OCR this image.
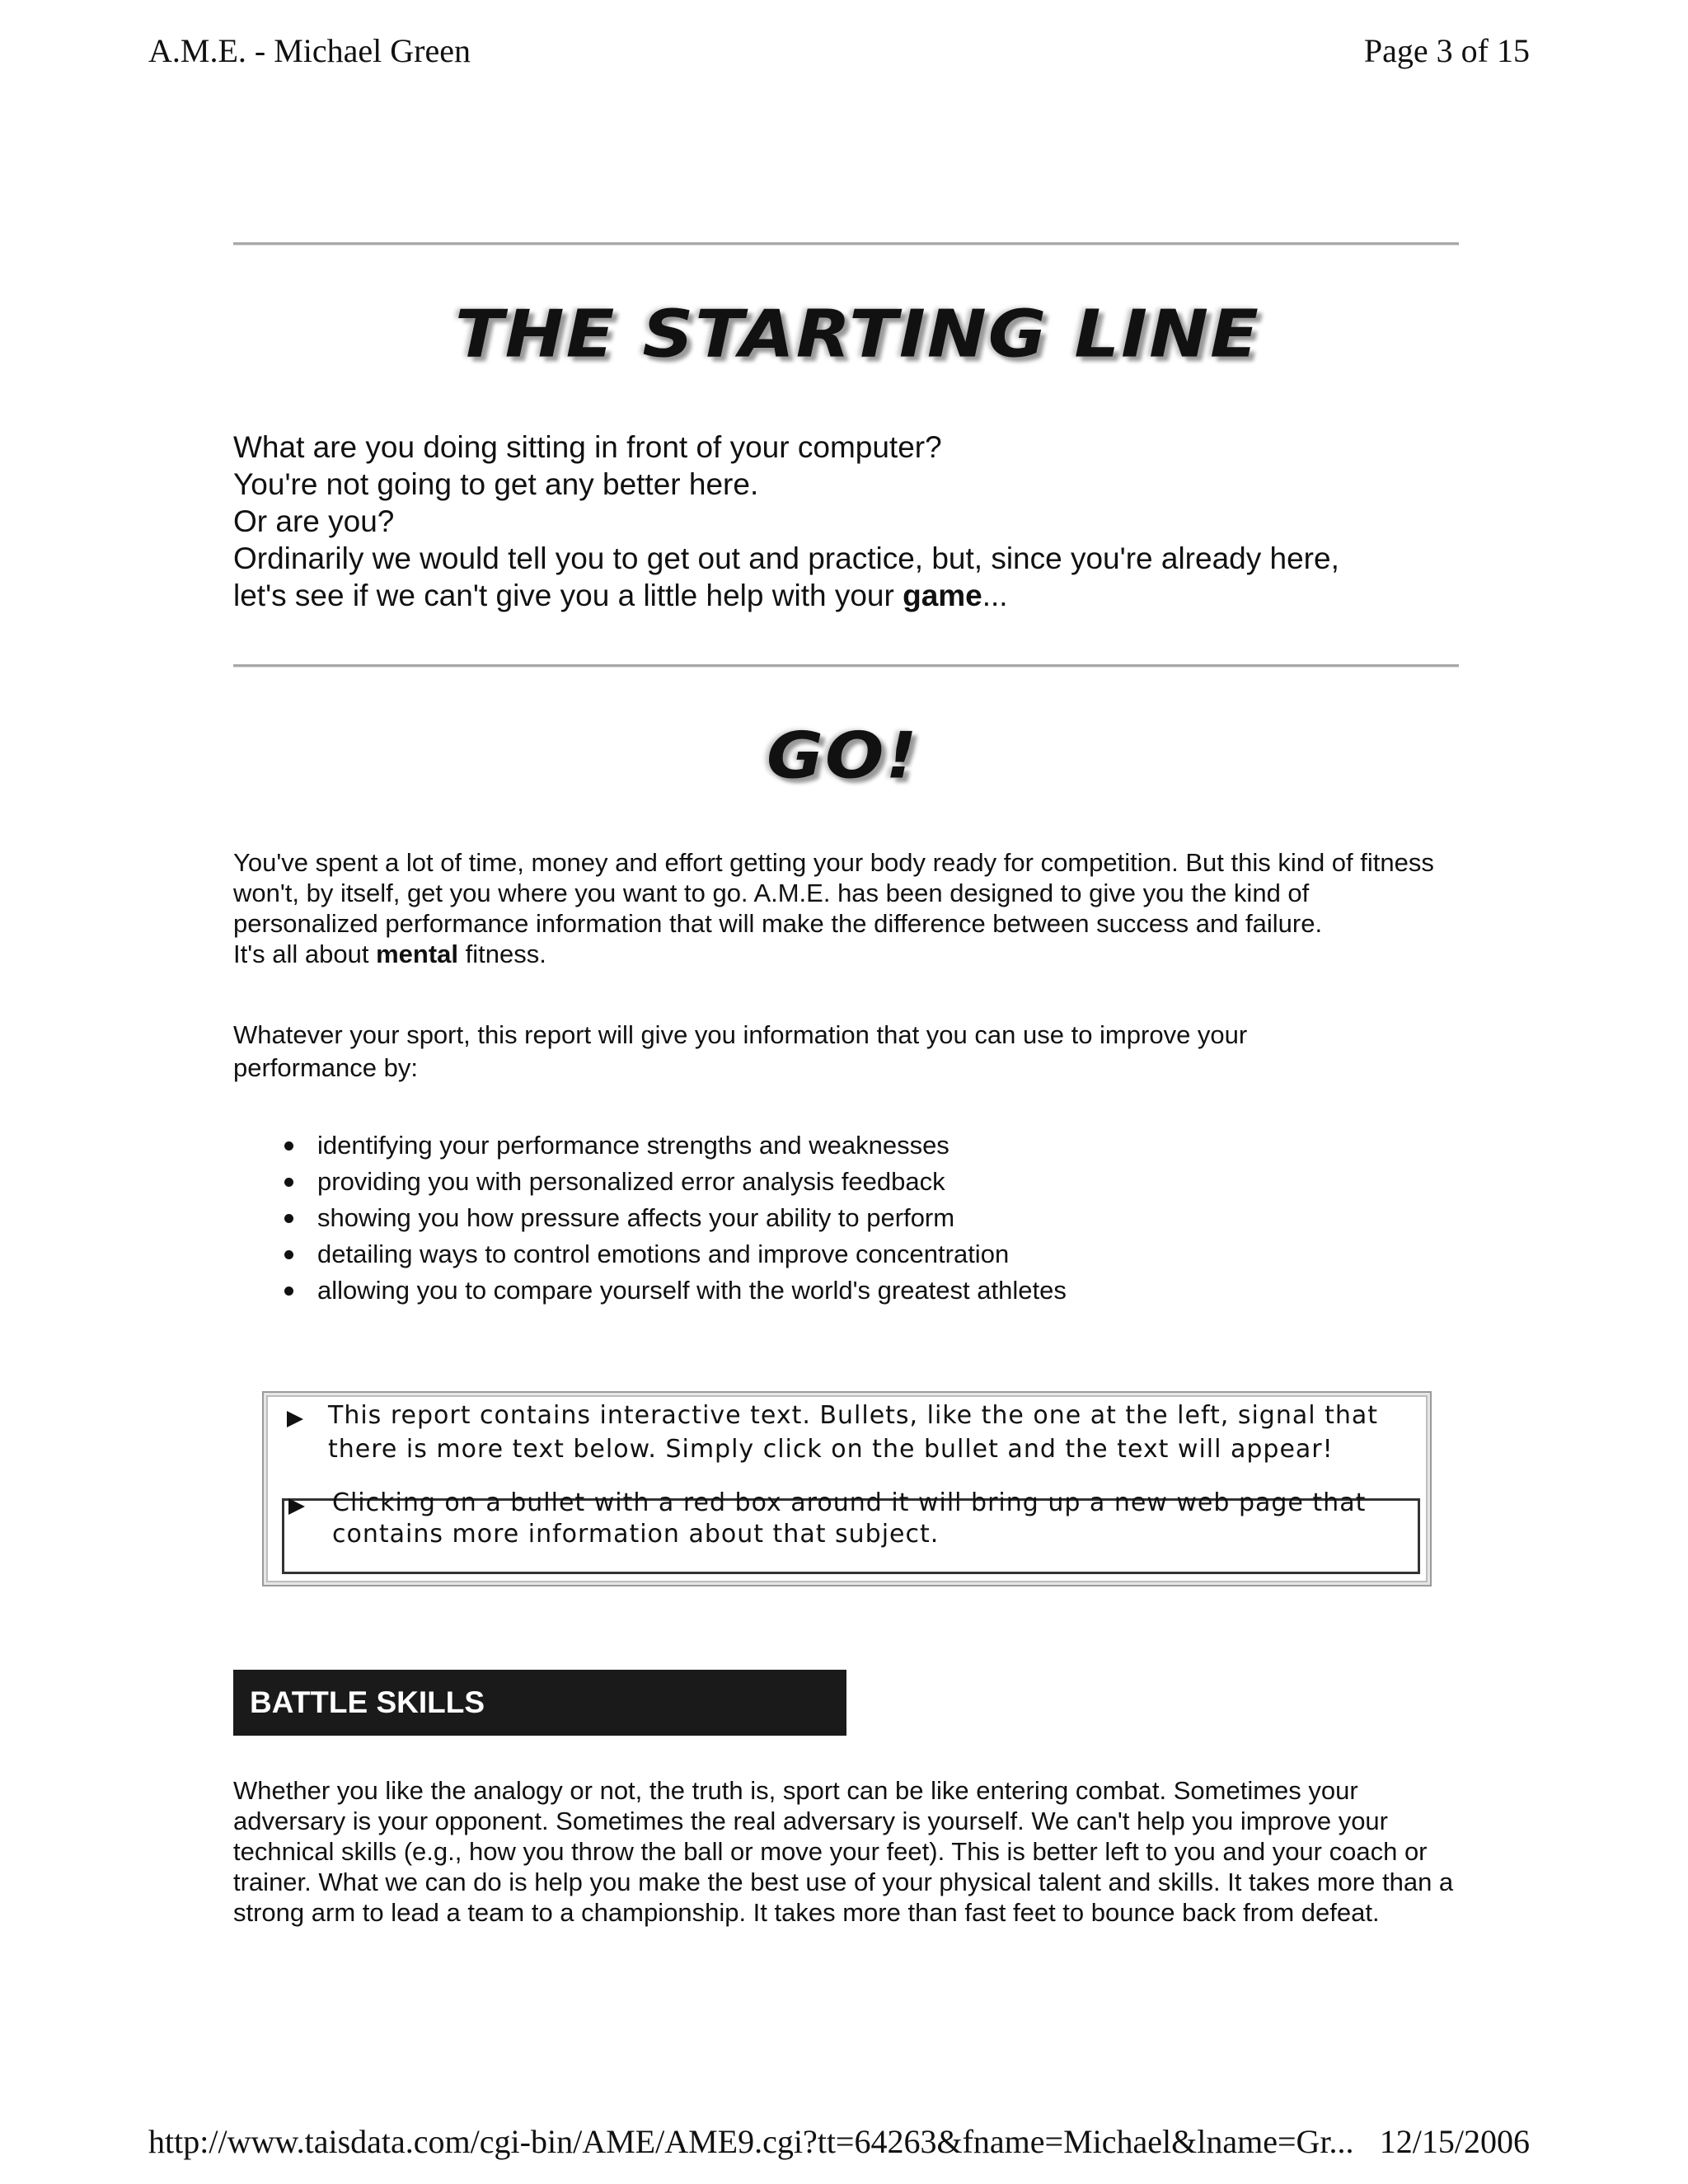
A.M.E. - Michael Green	Page 3 of 15
THE STARTING LINE
What are you doing sitting in front of your computer?
You're not going to get any better here.
Or are you?
Ordinarily we would tell you to get out and practice, but, since you're already here,
let's see if we can't give you a little help with your game...
GO!
You've spent a lot of time, money and effort getting your body ready for competition. But this kind of fitness won't, by itself, get you where you want to go. A.M.E. has been designed to give you the kind of personalized performance information that will make the difference between success and failure.
It's all about mental fitness.
Whatever your sport, this report will give you information that you can use to improve your performance by:
identifying your performance strengths and weaknesses
providing you with personalized error analysis feedback
showing you how pressure affects your ability to perform
detailing ways to control emotions and improve concentration
allowing you to compare yourself with the world's greatest athletes
This report contains interactive text. Bullets, like the one at the left, signal that
there is more text below. Simply click on the bullet and the text will appear!
Clicking on a bullet with a red box around it will bring up a new web page that
contains more information about that subject.
BATTLE SKILLS
Whether you like the analogy or not, the truth is, sport can be like entering combat. Sometimes your adversary is your opponent. Sometimes the real adversary is yourself. We can't help you improve your technical skills (e.g., how you throw the ball or move your feet). This is better left to you and your coach or trainer. What we can do is help you make the best use of your physical talent and skills. It takes more than a strong arm to lead a team to a championship. It takes more than fast feet to bounce back from defeat.
http://www.taisdata.com/cgi-bin/AME/AME9.cgi?tt=64263&fname=Michael&lname=Gr... 12/15/2006
